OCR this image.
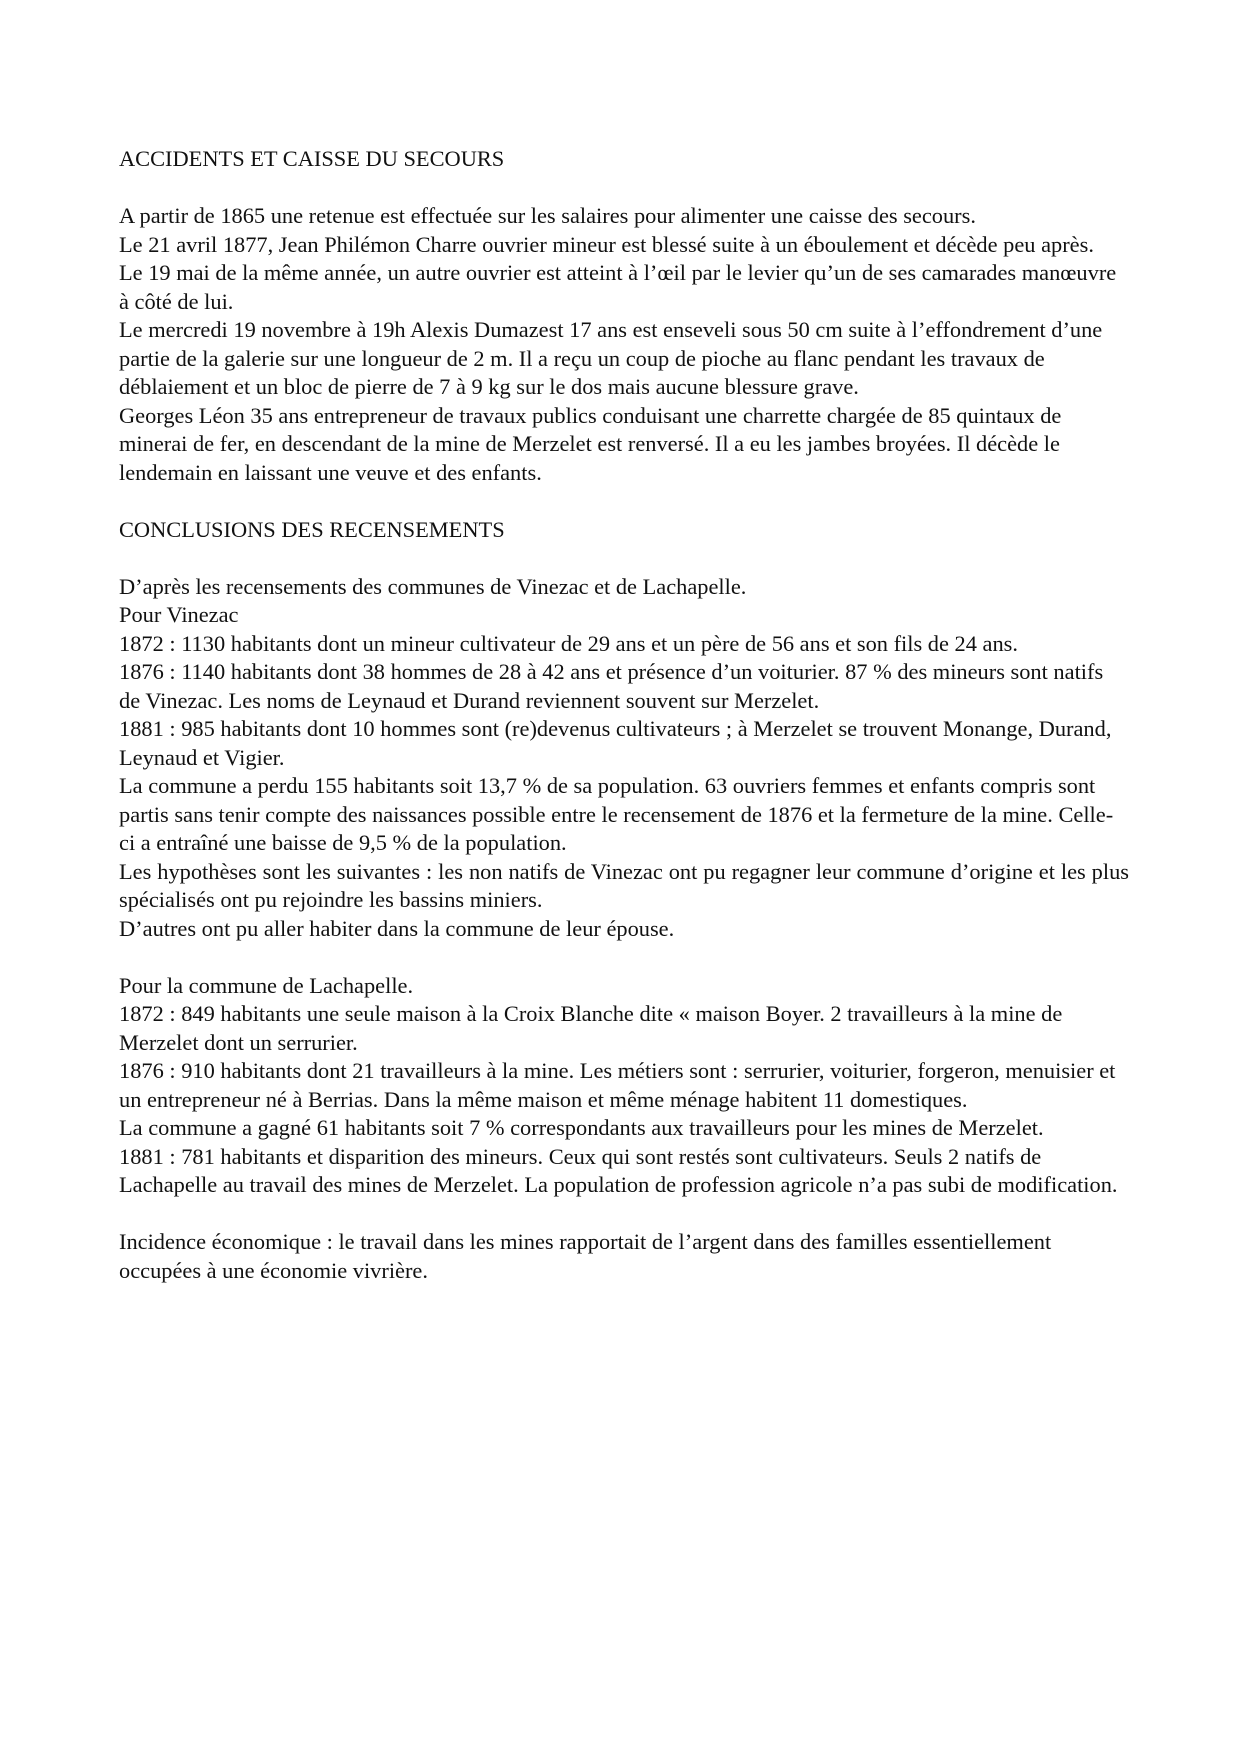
ACCIDENTS ET CAISSE DU SECOURS

A partir de 1865 une retenue est effectuée sur les salaires pour alimenter une caisse des secours.

Le 21 avril 1877, Jean Philémon Charre ouvrier mineur est blessé suite à un éboulement et décède peu après.

Le 19 mai de la même année, un autre ouvrier est atteint à l’œil par le levier qu’un de ses camarades manœuvre à côté de lui.

Le mercredi 19 novembre à 19h Alexis Dumazest 17 ans est enseveli sous 50 cm suite à l’effondrement d’une partie de la galerie sur une longueur de 2 m. Il a reçu un coup de pioche au flanc pendant les travaux de déblaiement et un bloc de pierre de 7 à 9 kg sur le dos mais aucune blessure grave.

Georges Léon 35 ans entrepreneur de travaux publics conduisant une charrette chargée de 85 quintaux de minerai de fer, en descendant de la mine de Merzelet est renversé. Il a eu les jambes broyées. Il décède le lendemain en laissant une veuve et des enfants.

CONCLUSIONS DES RECENSEMENTS

D’après les recensements des communes de Vinezac et de Lachapelle.

Pour Vinezac

1872 : 1130 habitants dont un mineur cultivateur de 29 ans et un père de 56 ans et son fils de 24 ans.

1876 : 1140 habitants dont 38 hommes de 28 à 42 ans et présence d’un voiturier. 87 % des mineurs sont natifs de Vinezac. Les noms de Leynaud et Durand reviennent souvent sur Merzelet.

1881 : 985 habitants dont 10 hommes sont (re)devenus cultivateurs ; à Merzelet se trouvent Monange, Durand, Leynaud et Vigier.

La commune a perdu 155 habitants soit 13,7 % de sa population. 63 ouvriers femmes et enfants compris sont partis sans tenir compte des naissances possible entre le recensement de 1876 et la fermeture de la mine. Celle-ci a entraîné une baisse de 9,5 % de la population.

Les hypothèses sont les suivantes : les non natifs de Vinezac ont pu regagner leur commune d’origine et les plus spécialisés ont pu rejoindre les bassins miniers.

D’autres ont pu aller habiter dans la commune de leur épouse.

Pour la commune de Lachapelle.

1872 : 849 habitants une seule maison à la Croix Blanche dite « maison Boyer. 2 travailleurs à la mine de Merzelet dont un serrurier.

1876 : 910 habitants dont 21 travailleurs à la mine. Les métiers sont : serrurier, voiturier, forgeron, menuisier et un entrepreneur né à Berrias. Dans la même maison et même ménage habitent 11 domestiques.

La commune a gagné 61 habitants soit 7 % correspondants aux travailleurs pour les mines de Merzelet.

1881 : 781 habitants et disparition des mineurs. Ceux qui sont restés sont cultivateurs. Seuls 2 natifs de Lachapelle au travail des mines de Merzelet. La population de profession agricole n’a pas subi de modification.

Incidence économique : le travail dans les mines rapportait de l’argent dans des familles essentiellement occupées à une économie vivrière.
